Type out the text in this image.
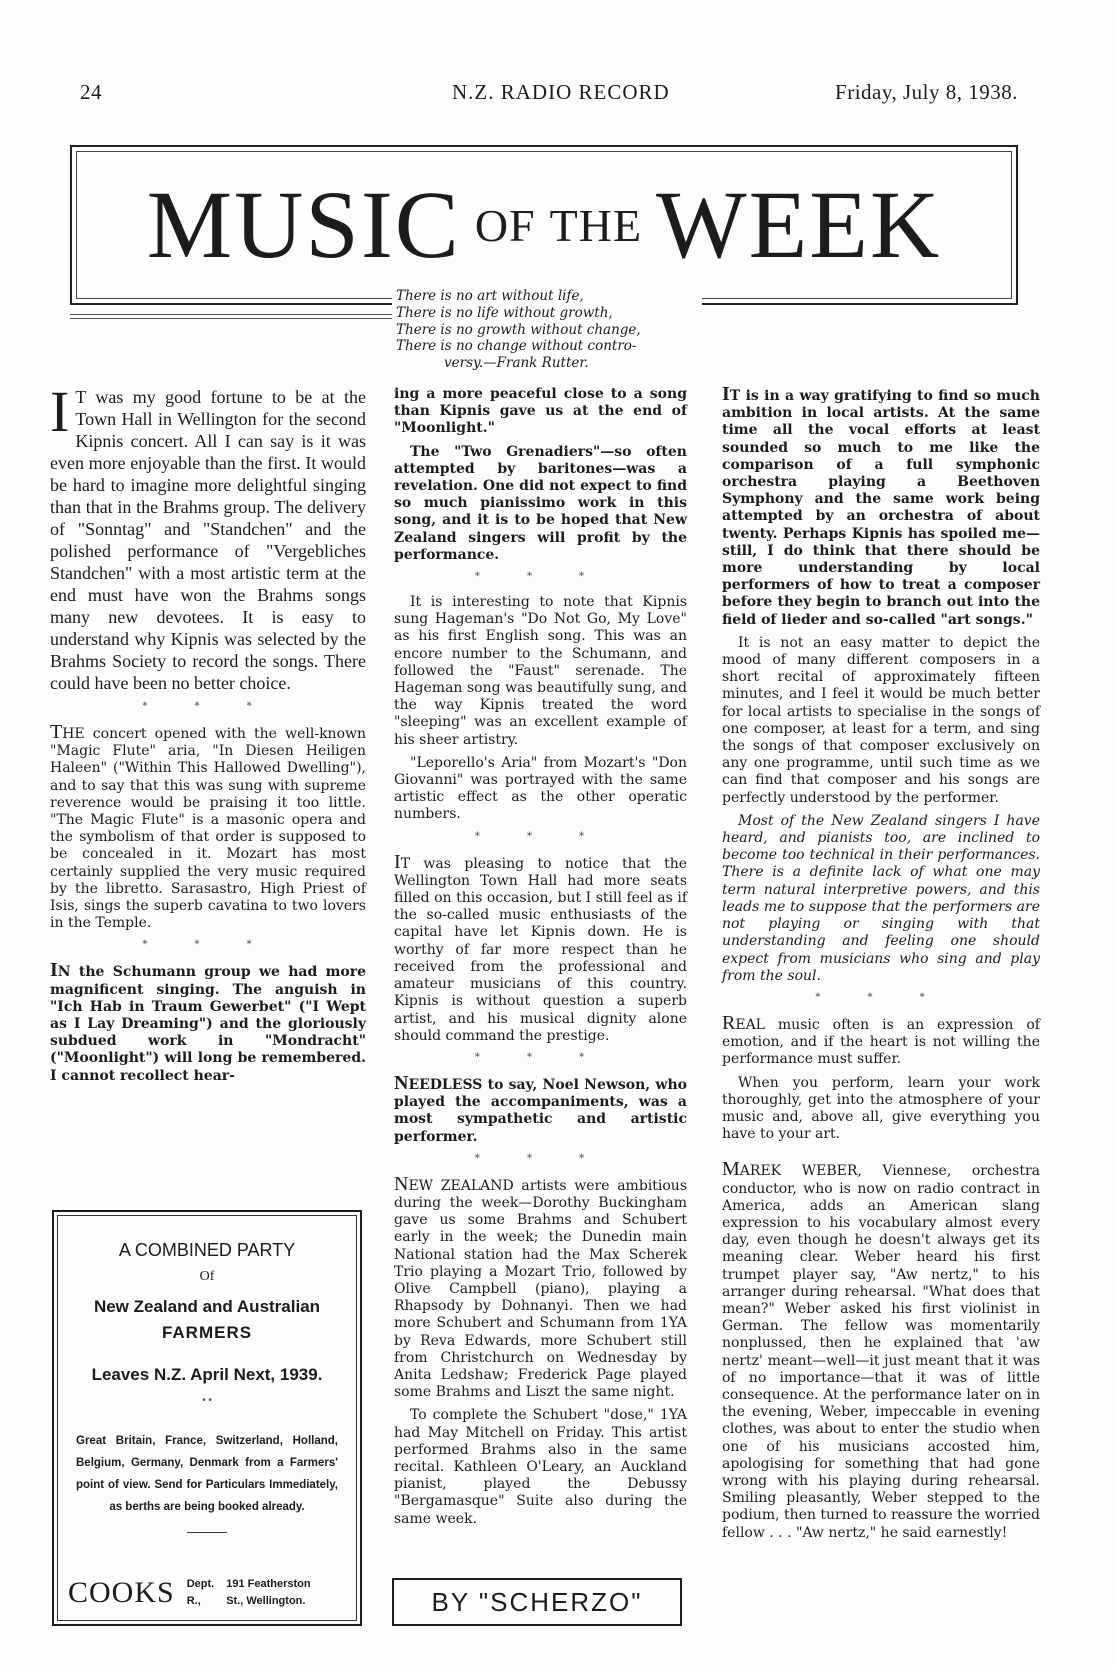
24	N.Z. RADIO RECORD	Friday, July 8, 1938.
MUSIC OF THE WEEK

There is no art without life,

There is no life without growth,

There is no growth without change,

There is no change without contro-

versy.—Frank Rutter.

I T was my good fortune to be at the Town Hall in Wellington for the second Kipnis concert. All I can say is it was even more enjoyable than the first. It would be hard to imagine more delightful singing than that in the Brahms group. The delivery of "Sonntag" and "Standchen" and the polished performance of "Vergebliches Standchen" with a most artistic term at the end must have won the Brahms songs many new devotees. It is easy to understand why Kipnis was selected by the Brahms Society to record the songs. There could have been no better choice.

* * *

THE concert opened with the well-known "Magic Flute" aria, "In Diesen Heiligen Haleen" ("Within This Hallowed Dwelling"), and to say that this was sung with supreme reverence would be praising it too little. "The Magic Flute" is a masonic opera and the symbolism of that order is supposed to be concealed in it. Mozart has most certainly supplied the very music required by the libretto. Sarasastro, High Priest of Isis, sings the superb cavatina to two lovers in the Temple.

* * *

IN the Schumann group we had more magnificent singing. The anguish in "Ich Hab in Traum Gewerbet" ("I Wept as I Lay Dreaming") and the gloriously subdued work in "Mondracht" ("Moonlight") will long be remembered. I cannot recollect hear-

ing a more peaceful close to a song than Kipnis gave us at the end of "Moonlight."

The "Two Grenadiers"—so often attempted by baritones—was a revelation. One did not expect to find so much pianissimo work in this song, and it is to be hoped that New Zealand singers will profit by the performance.

* * *

It is interesting to note that Kipnis sung Hageman's "Do Not Go, My Love" as his first English song. This was an encore number to the Schumann, and followed the "Faust" serenade. The Hageman song was beautifully sung, and the way Kipnis treated the word "sleeping" was an excellent example of his sheer artistry.

"Leporello's Aria" from Mozart's "Don Giovanni" was portrayed with the same artistic effect as the other operatic numbers.

* * *

IT was pleasing to notice that the Wellington Town Hall had more seats filled on this occasion, but I still feel as if the so-called music enthusiasts of the capital have let Kipnis down. He is worthy of far more respect than he received from the professional and amateur musicians of this country. Kipnis is without question a superb artist, and his musical dignity alone should command the prestige.

* * *

NEEDLESS to say, Noel Newson, who played the accompaniments, was a most sympathetic and artistic performer.

* * *

NEW ZEALAND artists were ambitious during the week—Dorothy Buckingham gave us some Brahms and Schubert early in the week; the Dunedin main National station had the Max Scherek Trio playing a Mozart Trio, followed by Olive Campbell (piano), playing a Rhapsody by Dohnanyi. Then we had more Schubert and Schumann from 1YA by Reva Edwards, more Schubert still from Christchurch on Wednesday by Anita Ledshaw; Frederick Page played some Brahms and Liszt the same night.

To complete the Schubert "dose," 1YA had May Mitchell on Friday. This artist performed Brahms also in the same recital. Kathleen O'Leary, an Auckland pianist, played the Debussy "Bergamasque" Suite also during the same week.

IT is in a way gratifying to find so much ambition in local artists. At the same time all the vocal efforts at least sounded so much to me like the comparison of a full symphonic orchestra playing a Beethoven Symphony and the same work being attempted by an orchestra of about twenty. Perhaps Kipnis has spoiled me—still, I do think that there should be more understanding by local performers of how to treat a composer before they begin to branch out into the field of lieder and so-called "art songs."

It is not an easy matter to depict the mood of many different composers in a short recital of approximately fifteen minutes, and I feel it would be much better for local artists to specialise in the songs of one composer, at least for a term, and sing the songs of that composer exclusively on any one programme, until such time as we can find that composer and his songs are perfectly understood by the performer.

Most of the New Zealand singers I have heard, and pianists too, are inclined to become too technical in their performances. There is a definite lack of what one may term natural interpretive powers, and this leads me to suppose that the performers are not playing or singing with that understanding and feeling one should expect from musicians who sing and play from the soul.

* * *

REAL music often is an expression of emotion, and if the heart is not willing the performance must suffer.

When you perform, learn your work thoroughly, get into the atmosphere of your music and, above all, give everything you have to your art.

MAREK WEBER, Viennese, orchestra conductor, who is now on radio contract in America, adds an American slang expression to his vocabulary almost every day, even though he doesn't always get its meaning clear. Weber heard his first trumpet player say, "Aw nertz," to his arranger during rehearsal. "What does that mean?" Weber asked his first violinist in German. The fellow was momentarily nonplussed, then he explained that 'aw nertz' meant—well—it just meant that it was of no importance—that it was of little consequence. At the performance later on in the evening, Weber, impeccable in evening clothes, was about to enter the studio when one of his musicians accosted him, apologising for something that had gone wrong with his playing during rehearsal. Smiling pleasantly, Weber stepped to the podium, then turned to reassure the worried fellow . . . "Aw nertz," he said earnestly!

A COMBINED PARTY
Of
New Zealand and Australian
FARMERS
Leaves N.Z. April Next, 1939.
• •
Great Britain, France, Switzerland, Holland, Belgium, Germany, Denmark from a Farmers' point of view. Send for Particulars Immediately, as berths are being booked already.
COOKS Dept.
R.,
191 Featherston
St., Wellington.	BY "SCHERZO"
